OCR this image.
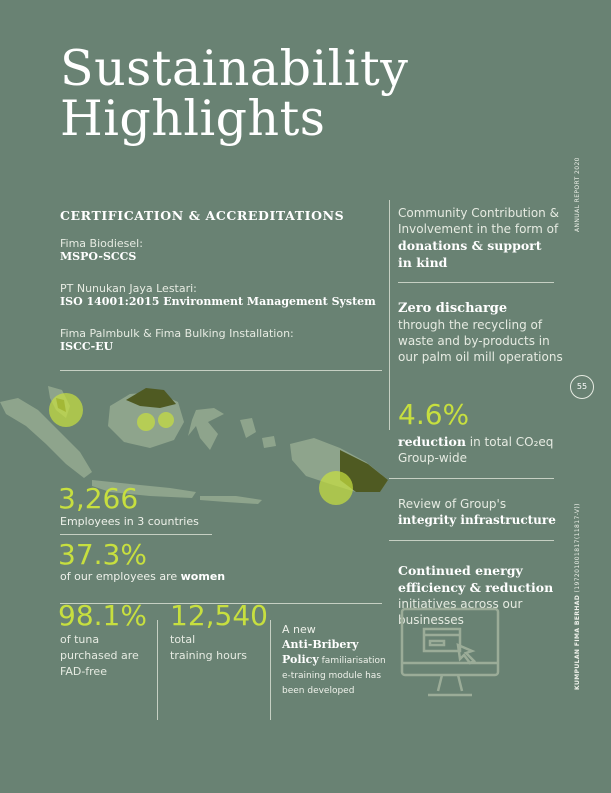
Sustainability
Highlights
CERTIFICATION & ACCREDITATIONS
Fima Biodiesel:
MSPO-SCCS
PT Nunukan Jaya Lestari:
ISO 14001:2015 Environment Management System
Fima Palmbulk & Fima Bulking Installation:
ISCC-EU
3,266
Employees in 3 countries
37.3%
of our employees are women
98.1%
of tuna
purchased are
FAD-free
12,540
total
training hours
A new
Anti-Bribery
Policy familiarisation
e-training module has
been developed
Community Contribution &
Involvement in the form of
donations & support
in kind
Zero discharge
through the recycling of
waste and by-products in
our palm oil mill operations
4.6%
reduction in total CO₂eq
Group-wide
Review of Group's
integrity infrastructure
Continued energy
efficiency & reduction
initiatives across our
businesses
ANNUAL REPORT 2020
55
KUMPULAN FIMA BERHAD (197201001817(11817-V))
